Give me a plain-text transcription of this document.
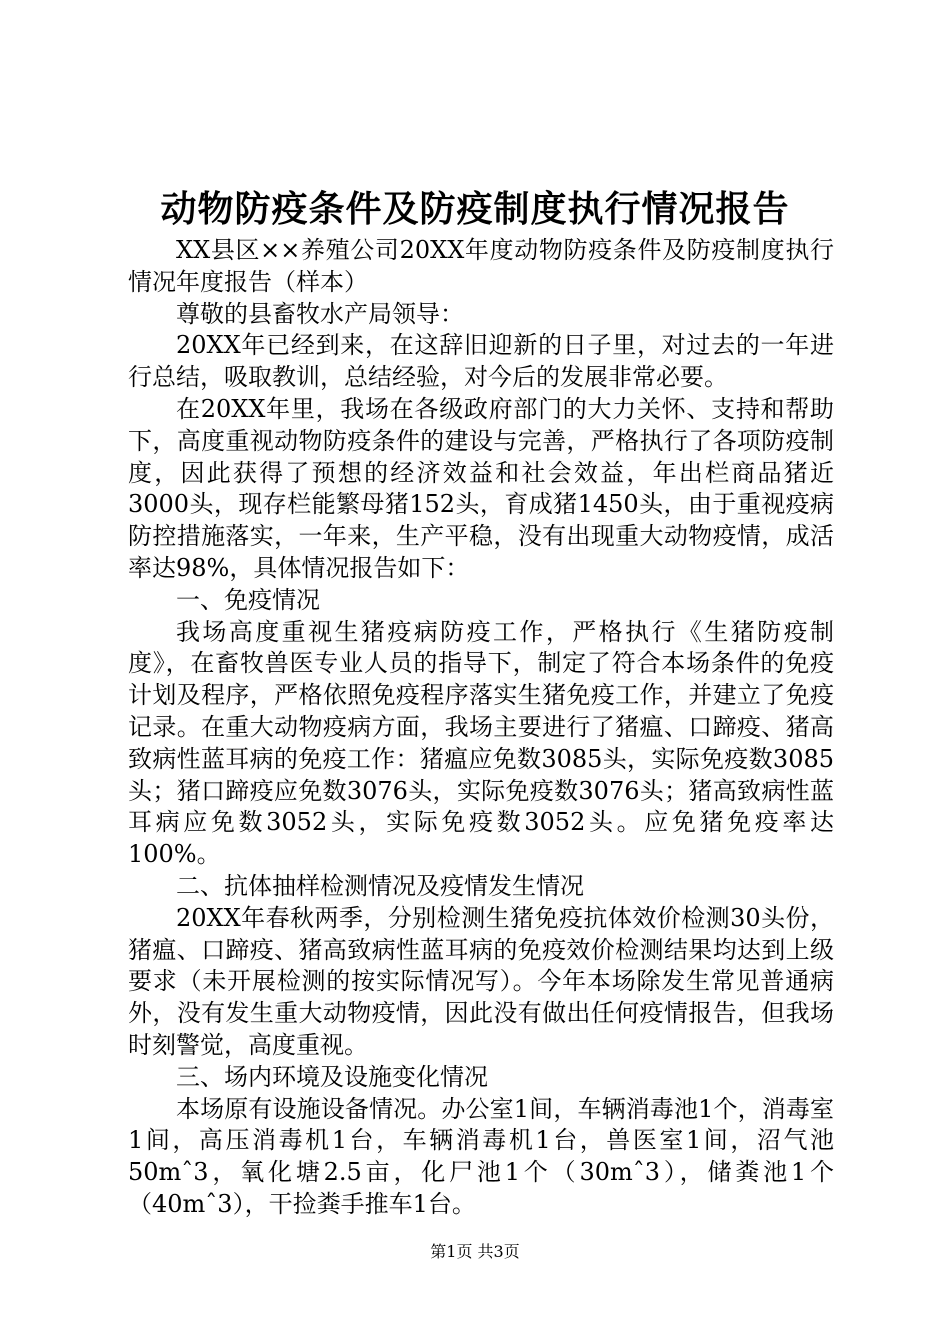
动物防疫条件及防疫制度执行情况报告

XX县区××养殖公司20XX年度动物防疫条件及防疫制度执行情况年度报告（样本）

尊敬的县畜牧水产局领导：

20XX年已经到来，在这辞旧迎新的日子里，对过去的一年进行总结，吸取教训，总结经验，对今后的发展非常必要。

在20XX年里，我场在各级政府部门的大力关怀、支持和帮助下，高度重视动物防疫条件的建设与完善，严格执行了各项防疫制度，因此获得了预想的经济效益和社会效益，年出栏商品猪近3000头，现存栏能繁母猪152头，育成猪1450头，由于重视疫病防控措施落实，一年来，生产平稳，没有出现重大动物疫情，成活率达98%，具体情况报告如下：

一、免疫情况

我场高度重视生猪疫病防疫工作，严格执行《生猪防疫制度》，在畜牧兽医专业人员的指导下，制定了符合本场条件的免疫计划及程序，严格依照免疫程序落实生猪免疫工作，并建立了免疫记录。在重大动物疫病方面，我场主要进行了猪瘟、口蹄疫、猪高致病性蓝耳病的免疫工作：猪瘟应免数3085头，实际免疫数3085头；猪口蹄疫应免数3076头，实际免疫数3076头；猪高致病性蓝耳病应免数3052头，实际免疫数3052头。应免猪免疫率达100%。

二、抗体抽样检测情况及疫情发生情况

20XX年春秋两季，分别检测生猪免疫抗体效价检测30头份，猪瘟、口蹄疫、猪高致病性蓝耳病的免疫效价检测结果均达到上级要求（未开展检测的按实际情况写）。今年本场除发生常见普通病外，没有发生重大动物疫情，因此没有做出任何疫情报告，但我场时刻警觉，高度重视。

三、场内环境及设施变化情况

本场原有设施设备情况。办公室1间，车辆消毒池1个，消毒室1间，高压消毒机1台，车辆消毒机1台，兽医室1间，沼气池50mˆ3，氧化塘2.5亩，化尸池1个（30mˆ3），储粪池1个（40mˆ3），干捡粪手推车1台。

第1页 共3页
